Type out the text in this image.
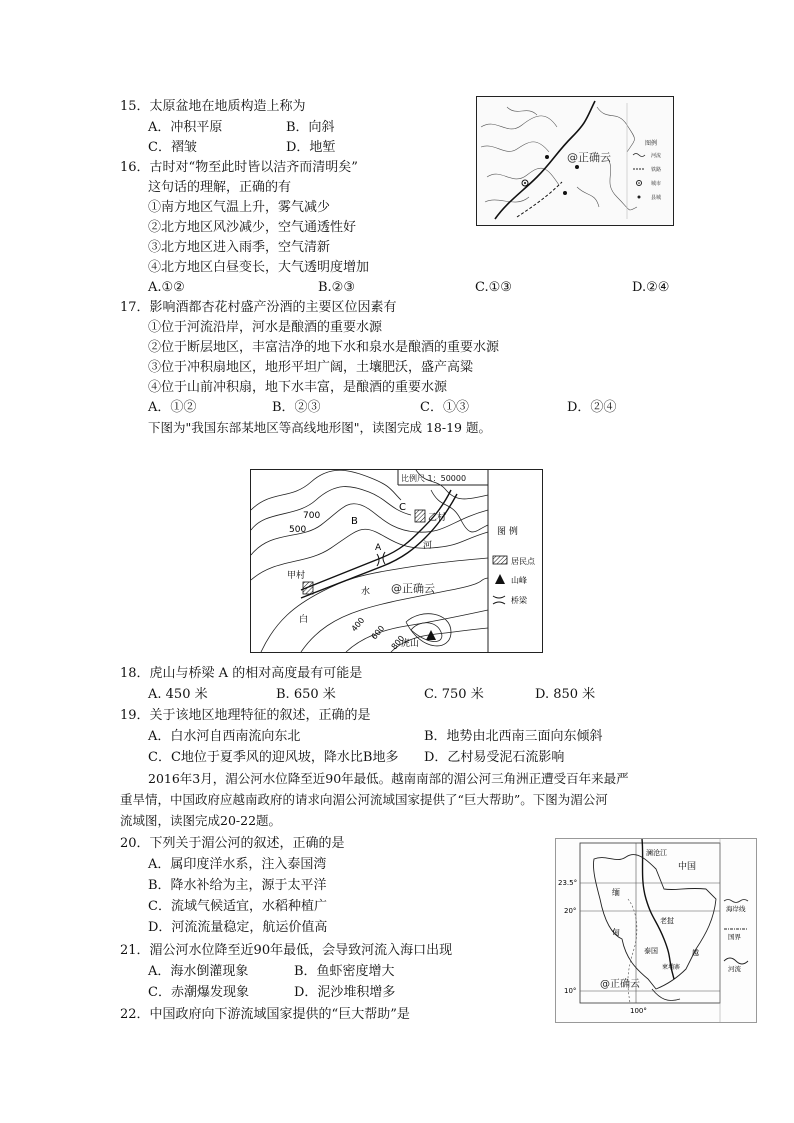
15．太原盆地在地质构造上称为
A．冲积平原	B．向斜
C．褶皱	D．地堑
16．古时对“物至此时皆以洁齐而清明矣”
这句话的理解，正确的有
①南方地区气温上升，雾气减少
②北方地区风沙减少，空气通透性好
③北方地区进入雨季，空气清新
④北方地区白昼变长，大气透明度增加
A.①②	B.②③	C.①③	D.②④
图例
河流
铁路
城市
县城
@正确云
17．影响酒都杏花村盛产汾酒的主要区位因素有
①位于河流沿岸，河水是酿酒的重要水源
②位于断层地区，丰富洁净的地下水和泉水是酿酒的重要水源
③位于冲积扇地区，地形平坦广阔，土壤肥沃，盛产高粱
④位于山前冲积扇，地下水丰富，是酿酒的重要水源
A．①②	B．②③	C．①③	D．②④
下图为"我国东部某地区等高线地形图"，读图完成 18-19 题。
比例尺 1：50000
700
500
B
C
乙村
A	河
甲村
水
白	400 600
800
虎山
@正确云
图 例
居民点
山峰
桥梁
18．虎山与桥梁 A 的相对高度最有可能是
A. 450 米	B. 650 米	C. 750 米	D. 850 米
19．关于该地区地理特征的叙述，正确的是
A．白水河自西南流向东北	B．地势由北西南三面向东倾斜
C．C地位于夏季风的迎风坡，降水比B地多 D．乙村易受泥石流影响
2016年3月，湄公河水位降至近90年最低。越南南部的湄公河三角洲正遭受百年来最严
重旱情，中国政府应越南政府的请求向湄公河流域国家提供了“巨大帮助”。下图为湄公河
流域图，读图完成20-22题。
20．下列关于湄公河的叙述，正确的是
A．属印度洋水系，注入泰国湾
B．降水补给为主，源于太平洋
C．流域气候适宜，水稻种植广
D．河流流量稳定，航运价值高
21．湄公河水位降至近90年最低，会导致河流入海口出现
A．海水倒灌现象	B．鱼虾密度增大
C．赤潮爆发现象	D．泥沙堆积增多
22．中国政府向下游流域国家提供的“巨大帮助”是
23.5°
20°
10°
100°
中国
澜沧江
缅
甸
老挝
泰国	越
柬埔寨
@正确云
海岸线
国界
河流
